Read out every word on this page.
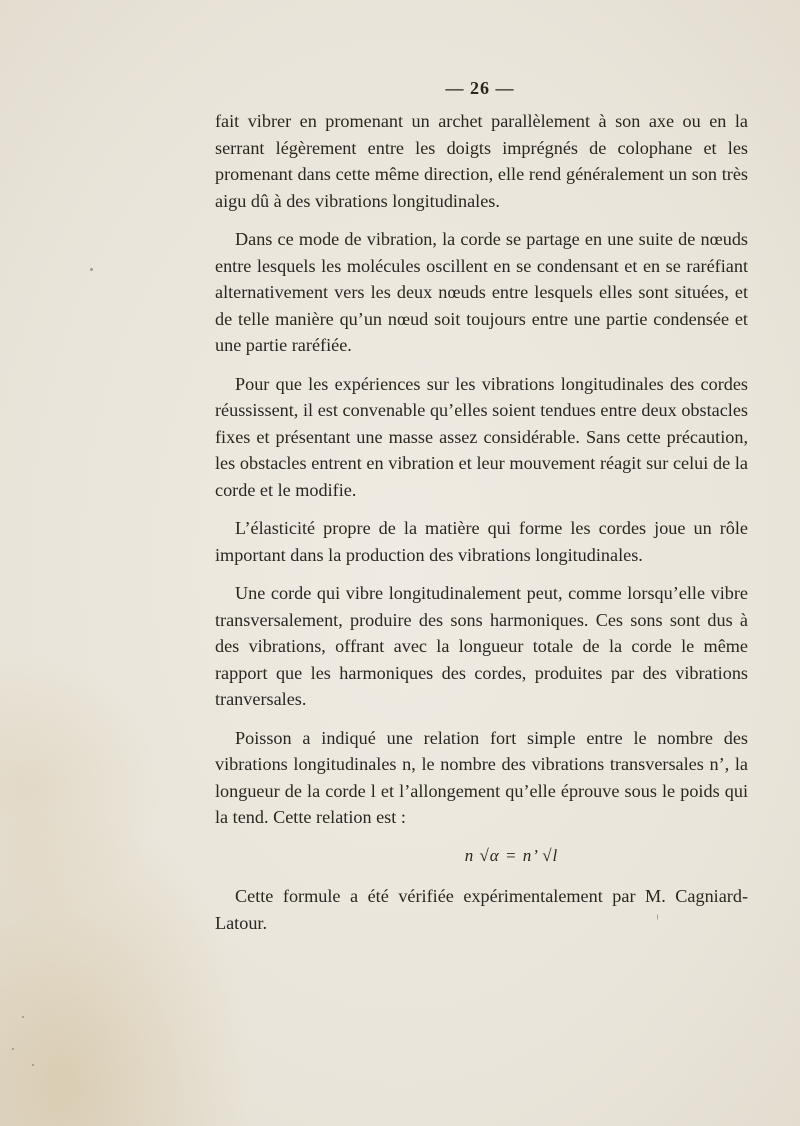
— 26 —

fait vibrer en promenant un archet parallèlement à son axe ou en la serrant légèrement entre les doigts imprégnés de colophane et les promenant dans cette même direction, elle rend généralement un son très aigu dû à des vibrations longitudinales.

Dans ce mode de vibration, la corde se partage en une suite de nœuds entre lesquels les molécules oscillent en se condensant et en se raréfiant alternativement vers les deux nœuds entre lesquels elles sont situées, et de telle manière qu’un nœud soit toujours entre une partie condensée et une partie raréfiée.

Pour que les expériences sur les vibrations longitudinales des cordes réussissent, il est convenable qu’elles soient tendues entre deux obstacles fixes et présentant une masse assez considérable. Sans cette précaution, les obstacles entrent en vibration et leur mouvement réagit sur celui de la corde et le modifie.

L’élasticité propre de la matière qui forme les cordes joue un rôle important dans la production des vibrations longitudinales.

Une corde qui vibre longitudinalement peut, comme lorsqu’elle vibre transversalement, produire des sons harmoniques. Ces sons sont dus à des vibrations, offrant avec la longueur totale de la corde le même rapport que les harmoniques des cordes, produites par des vibrations tranversales.

Poisson a indiqué une relation fort simple entre le nombre des vibrations longitudinales n, le nombre des vibrations transversales n’, la longueur de la corde l et l’allongement qu’elle éprouve sous le poids qui la tend. Cette relation est :

n √α = n’ √l

Cette formule a été vérifiée expérimentalement par M. Cagniard-Latour.
